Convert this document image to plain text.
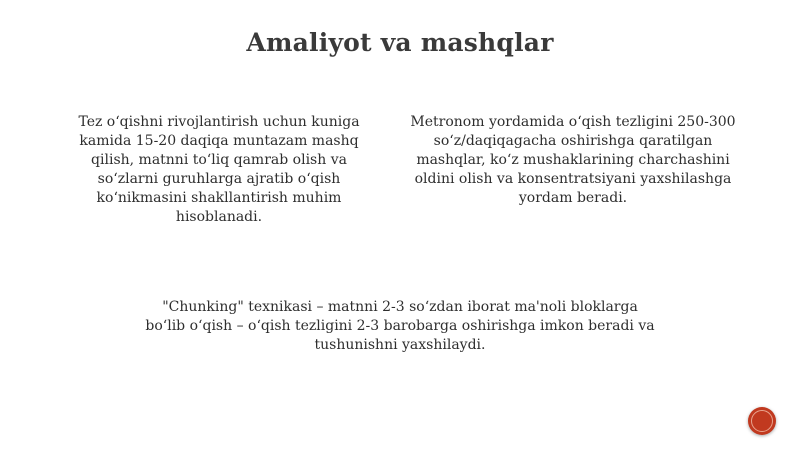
Amaliyot va mashqlar
Tez o‘qishni rivojlantirish uchun kuniga
kamida 15-20 daqiqa muntazam mashq
qilish, matnni to‘liq qamrab olish va
so‘zlarni guruhlarga ajratib o‘qish
ko‘nikmasini shakllantirish muhim
hisoblanadi.
Metronom yordamida o‘qish tezligini 250-300
so‘z/daqiqagacha oshirishga qaratilgan
mashqlar, ko‘z mushaklarining charchashini
oldini olish va konsentratsiyani yaxshilashga
yordam beradi.
"Chunking" texnikasi – matnni 2-3 so‘zdan iborat ma'noli bloklarga
bo‘lib o‘qish – o‘qish tezligini 2-3 barobarga oshirishga imkon beradi va
tushunishni yaxshilaydi.
